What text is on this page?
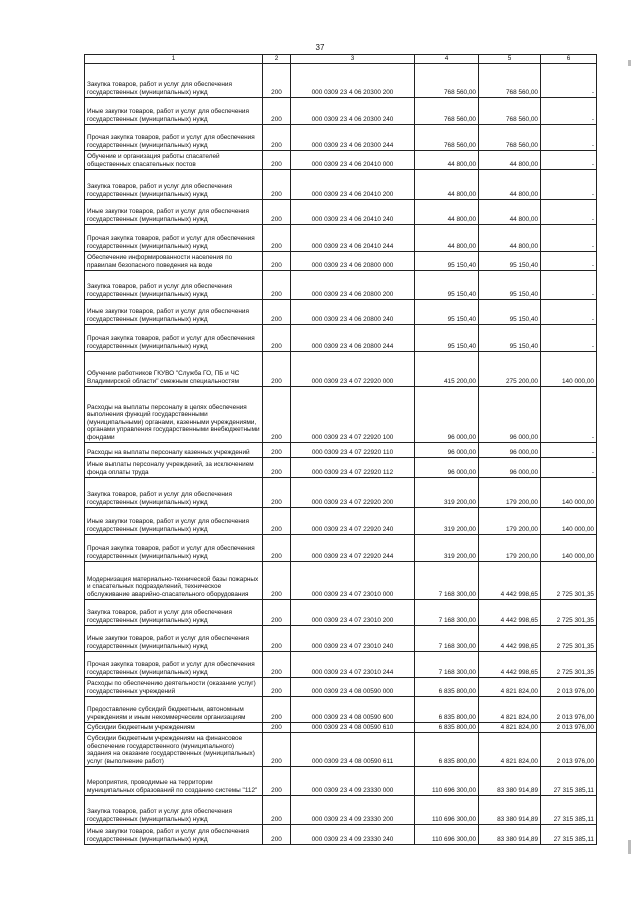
37
1	2	3	4	5	6
Закупка товаров, работ и услуг для обеспечения государственных (муниципальных) нужд	200	000 0309 23 4 06 20300 200	768 560,00	768 560,00	-
Иные закупки товаров, работ и услуг для обеспечения государственных (муниципальных) нужд	200	000 0309 23 4 06 20300 240	768 560,00	768 560,00	-
Прочая закупка товаров, работ и услуг для обеспечения государственных (муниципальных) нужд	200	000 0309 23 4 06 20300 244	768 560,00	768 560,00	-
Обучение и организация работы спасателей общественных спасательных постов	200	000 0309 23 4 06 20410 000	44 800,00	44 800,00	-
Закупка товаров, работ и услуг для обеспечения государственных (муниципальных) нужд	200	000 0309 23 4 06 20410 200	44 800,00	44 800,00	-
Иные закупки товаров, работ и услуг для обеспечения государственных (муниципальных) нужд	200	000 0309 23 4 06 20410 240	44 800,00	44 800,00	-
Прочая закупка товаров, работ и услуг для обеспечения государственных (муниципальных) нужд	200	000 0309 23 4 06 20410 244	44 800,00	44 800,00	-
Обеспечение информированности населения по правилам безопасного поведения на воде	200	000 0309 23 4 06 20800 000	95 150,40	95 150,40	-
Закупка товаров, работ и услуг для обеспечения государственных (муниципальных) нужд	200	000 0309 23 4 06 20800 200	95 150,40	95 150,40	-
Иные закупки товаров, работ и услуг для обеспечения государственных (муниципальных) нужд	200	000 0309 23 4 06 20800 240	95 150,40	95 150,40	-
Прочая закупка товаров, работ и услуг для обеспечения государственных (муниципальных) нужд	200	000 0309 23 4 06 20800 244	95 150,40	95 150,40	-
Обучение работников ГКУВО "Служба ГО, ПБ и ЧС Владимирской области" смежным специальностям	200	000 0309 23 4 07 22920 000	415 200,00	275 200,00	140 000,00
Расходы на выплаты персоналу в целях обеспечения выполнения функций государственными (муниципальными) органами, казенными учреждениями, органами управления государственными внебюджетными фондами	200	000 0309 23 4 07 22920 100	96 000,00	96 000,00	-
Расходы на выплаты персоналу казенных учреждений	200	000 0309 23 4 07 22920 110	96 000,00	96 000,00	-
Иные выплаты персоналу учреждений, за исключением фонда оплаты труда	200	000 0309 23 4 07 22920 112	96 000,00	96 000,00	-
Закупка товаров, работ и услуг для обеспечения государственных (муниципальных) нужд	200	000 0309 23 4 07 22920 200	319 200,00	179 200,00	140 000,00
Иные закупки товаров, работ и услуг для обеспечения государственных (муниципальных) нужд	200	000 0309 23 4 07 22920 240	319 200,00	179 200,00	140 000,00
Прочая закупка товаров, работ и услуг для обеспечения государственных (муниципальных) нужд	200	000 0309 23 4 07 22920 244	319 200,00	179 200,00	140 000,00
Модернизация материально-технической базы пожарных и спасательных подразделений, техническое обслуживание аварийно-спасательного оборудования	200	000 0309 23 4 07 23010 000	7 168 300,00	4 442 998,65	2 725 301,35
Закупка товаров, работ и услуг для обеспечения государственных (муниципальных) нужд	200	000 0309 23 4 07 23010 200	7 168 300,00	4 442 998,65	2 725 301,35
Иные закупки товаров, работ и услуг для обеспечения государственных (муниципальных) нужд	200	000 0309 23 4 07 23010 240	7 168 300,00	4 442 998,65	2 725 301,35
Прочая закупка товаров, работ и услуг для обеспечения государственных (муниципальных) нужд	200	000 0309 23 4 07 23010 244	7 168 300,00	4 442 998,65	2 725 301,35
Расходы по обеспечению деятельности (оказание услуг) государственных учреждений	200	000 0309 23 4 08 00590 000	6 835 800,00	4 821 824,00	2 013 976,00
Предоставление субсидий бюджетным, автономным учреждениям и иным некоммерческим организациям	200	000 0309 23 4 08 00590 600	6 835 800,00	4 821 824,00	2 013 976,00
Субсидии бюджетным учреждениям	200	000 0309 23 4 08 00590 610	6 835 800,00	4 821 824,00	2 013 976,00
Субсидии бюджетным учреждениям на финансовое обеспечение государственного (муниципального) задания на оказание государственных (муниципальных) услуг (выполнение работ)	200	000 0309 23 4 08 00590 611	6 835 800,00	4 821 824,00	2 013 976,00
Мероприятия, проводимые на территории муниципальных образований по созданию системы "112"	200	000 0309 23 4 09 23330 000	110 696 300,00	83 380 914,89	27 315 385,11
Закупка товаров, работ и услуг для обеспечения государственных (муниципальных) нужд	200	000 0309 23 4 09 23330 200	110 696 300,00	83 380 914,89	27 315 385,11
Иные закупки товаров, работ и услуг для обеспечения государственных (муниципальных) нужд	200	000 0309 23 4 09 23330 240	110 696 300,00	83 380 914,89	27 315 385,11
